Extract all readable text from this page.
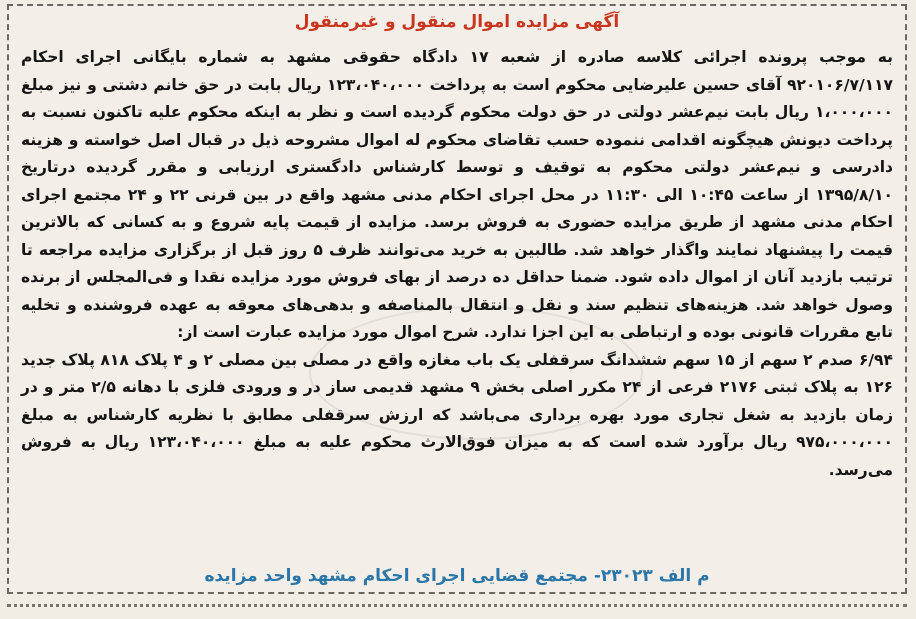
آگهی مزایده اموال منقول و غیرمنقول

به موجب پرونده اجرائی کلاسه صادره از شعبه ۱۷ دادگاه حقوقی مشهد به شماره بایگانی اجرای احکام ۹۲۰۱۰۶/۷/۱۱۷ آقای حسین علیرضایی محکوم است به پرداخت ۱۲۳،۰۴۰،۰۰۰ ریال بابت در حق خانم دشتی و نیز مبلغ ۱،۰۰۰،۰۰۰ ریال بابت نیم‌عشر دولتی در حق دولت محکوم گردیده است و نظر به اینکه محکوم علیه تاکنون نسبت به پرداخت دیونش هیچگونه اقدامی ننموده حسب تقاضای محکوم له اموال مشروحه ذیل در قبال اصل خواسته و هزینه دادرسی و نیم‌عشر دولتی محکوم به توقیف و توسط کارشناس دادگستری ارزیابی و مقرر گردیده درتاریخ ۱۳۹۵/۸/۱۰ از ساعت ۱۰:۴۵ الی ۱۱:۳۰ در محل اجرای احکام مدنی مشهد واقع در بین قرنی ۲۲ و ۲۴ مجتمع اجرای احکام مدنی مشهد از طریق مزایده حضوری به فروش برسد. مزایده از قیمت پایه شروع و به کسانی که بالاترین قیمت را پیشنهاد نمایند واگذار خواهد شد. طالبین به خرید می‌توانند ظرف ۵ روز قبل از برگزاری مزایده مراجعه تا ترتیب بازدید آنان از اموال داده شود. ضمنا حداقل ده درصد از بهای فروش مورد مزایده نقدا و فی‌المجلس از برنده وصول خواهد شد. هزینه‌های تنظیم سند و نقل و انتقال بالمناصفه و بدهی‌های معوقه به عهده فروشنده و تخلیه تابع مقررات قانونی بوده و ارتباطی به این اجزا ندارد. شرح اموال مورد مزایده عبارت است از:

۶/۹۴ صدم ۲ سهم از ۱۵ سهم ششدانگ سرقفلی یک باب مغازه واقع در مصلی بین مصلی ۲ و ۴ پلاک ۸۱۸ پلاک جدید ۱۲۶ به پلاک ثبتی ۲۱۷۶ فرعی از ۲۴ مکرر اصلی بخش ۹ مشهد قدیمی ساز در و ورودی فلزی با دهانه ۲/۵ متر و در زمان بازدید به شغل تجاری مورد بهره برداری می‌باشد که ارزش سرقفلی مطابق با نظریه کارشناس به مبلغ ۹۷۵،۰۰۰،۰۰۰ ریال برآورد شده است که به میزان فوق‌الارث محکوم علیه به مبلغ ۱۲۳،۰۴۰،۰۰۰ ریال به فروش می‌رسد.

م الف ۲۳۰۲۳- مجتمع قضایی اجرای احکام مشهد واحد مزایده
